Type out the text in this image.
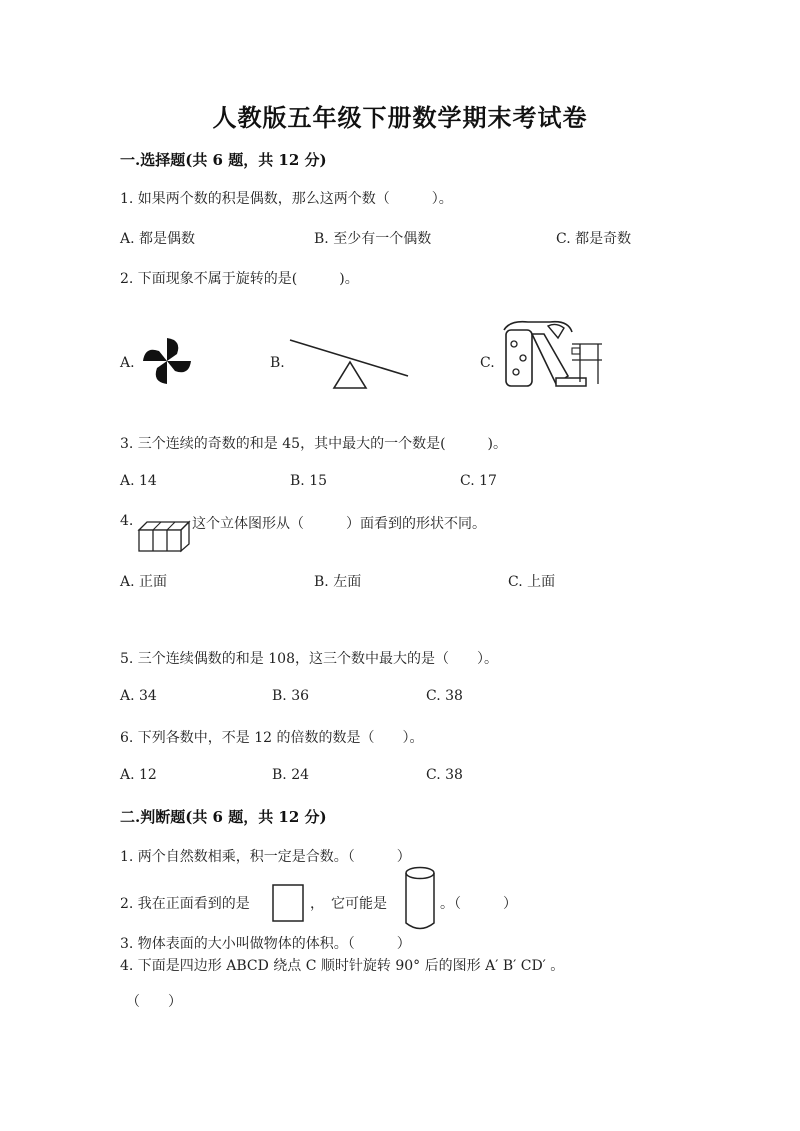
人教版五年级下册数学期末考试卷
一.选择题(共 6 题，共 12 分)
1. 如果两个数的积是偶数，那么这两个数（　　　）。
A. 都是偶数	B. 至少有一个偶数	C. 都是奇数
2. 下面现象不属于旋转的是(　　　)。
A.	B.	C.
3. 三个连续的奇数的和是 45，其中最大的一个数是(　　　)。
A. 14	B. 15	C. 17
4.	这个立体图形从（　　　）面看到的形状不同。
A. 正面	B. 左面	C. 上面
5. 三个连续偶数的和是 108，这三个数中最大的是（　　）。
A. 34	B. 36	C. 38
6. 下列各数中，不是 12 的倍数的数是（　　）。
A. 12	B. 24	C. 38
二.判断题(共 6 题，共 12 分)
1. 两个自然数相乘，积一定是合数。（　　　）
2. 我在正面看到的是	，　它可能是	。（　　　）
3. 物体表面的大小叫做物体的体积。（　　　）
4. 下面是四边形 ABCD 绕点 C 顺时针旋转 90° 后的图形 A′ B′ CD′ 。
（　　）
